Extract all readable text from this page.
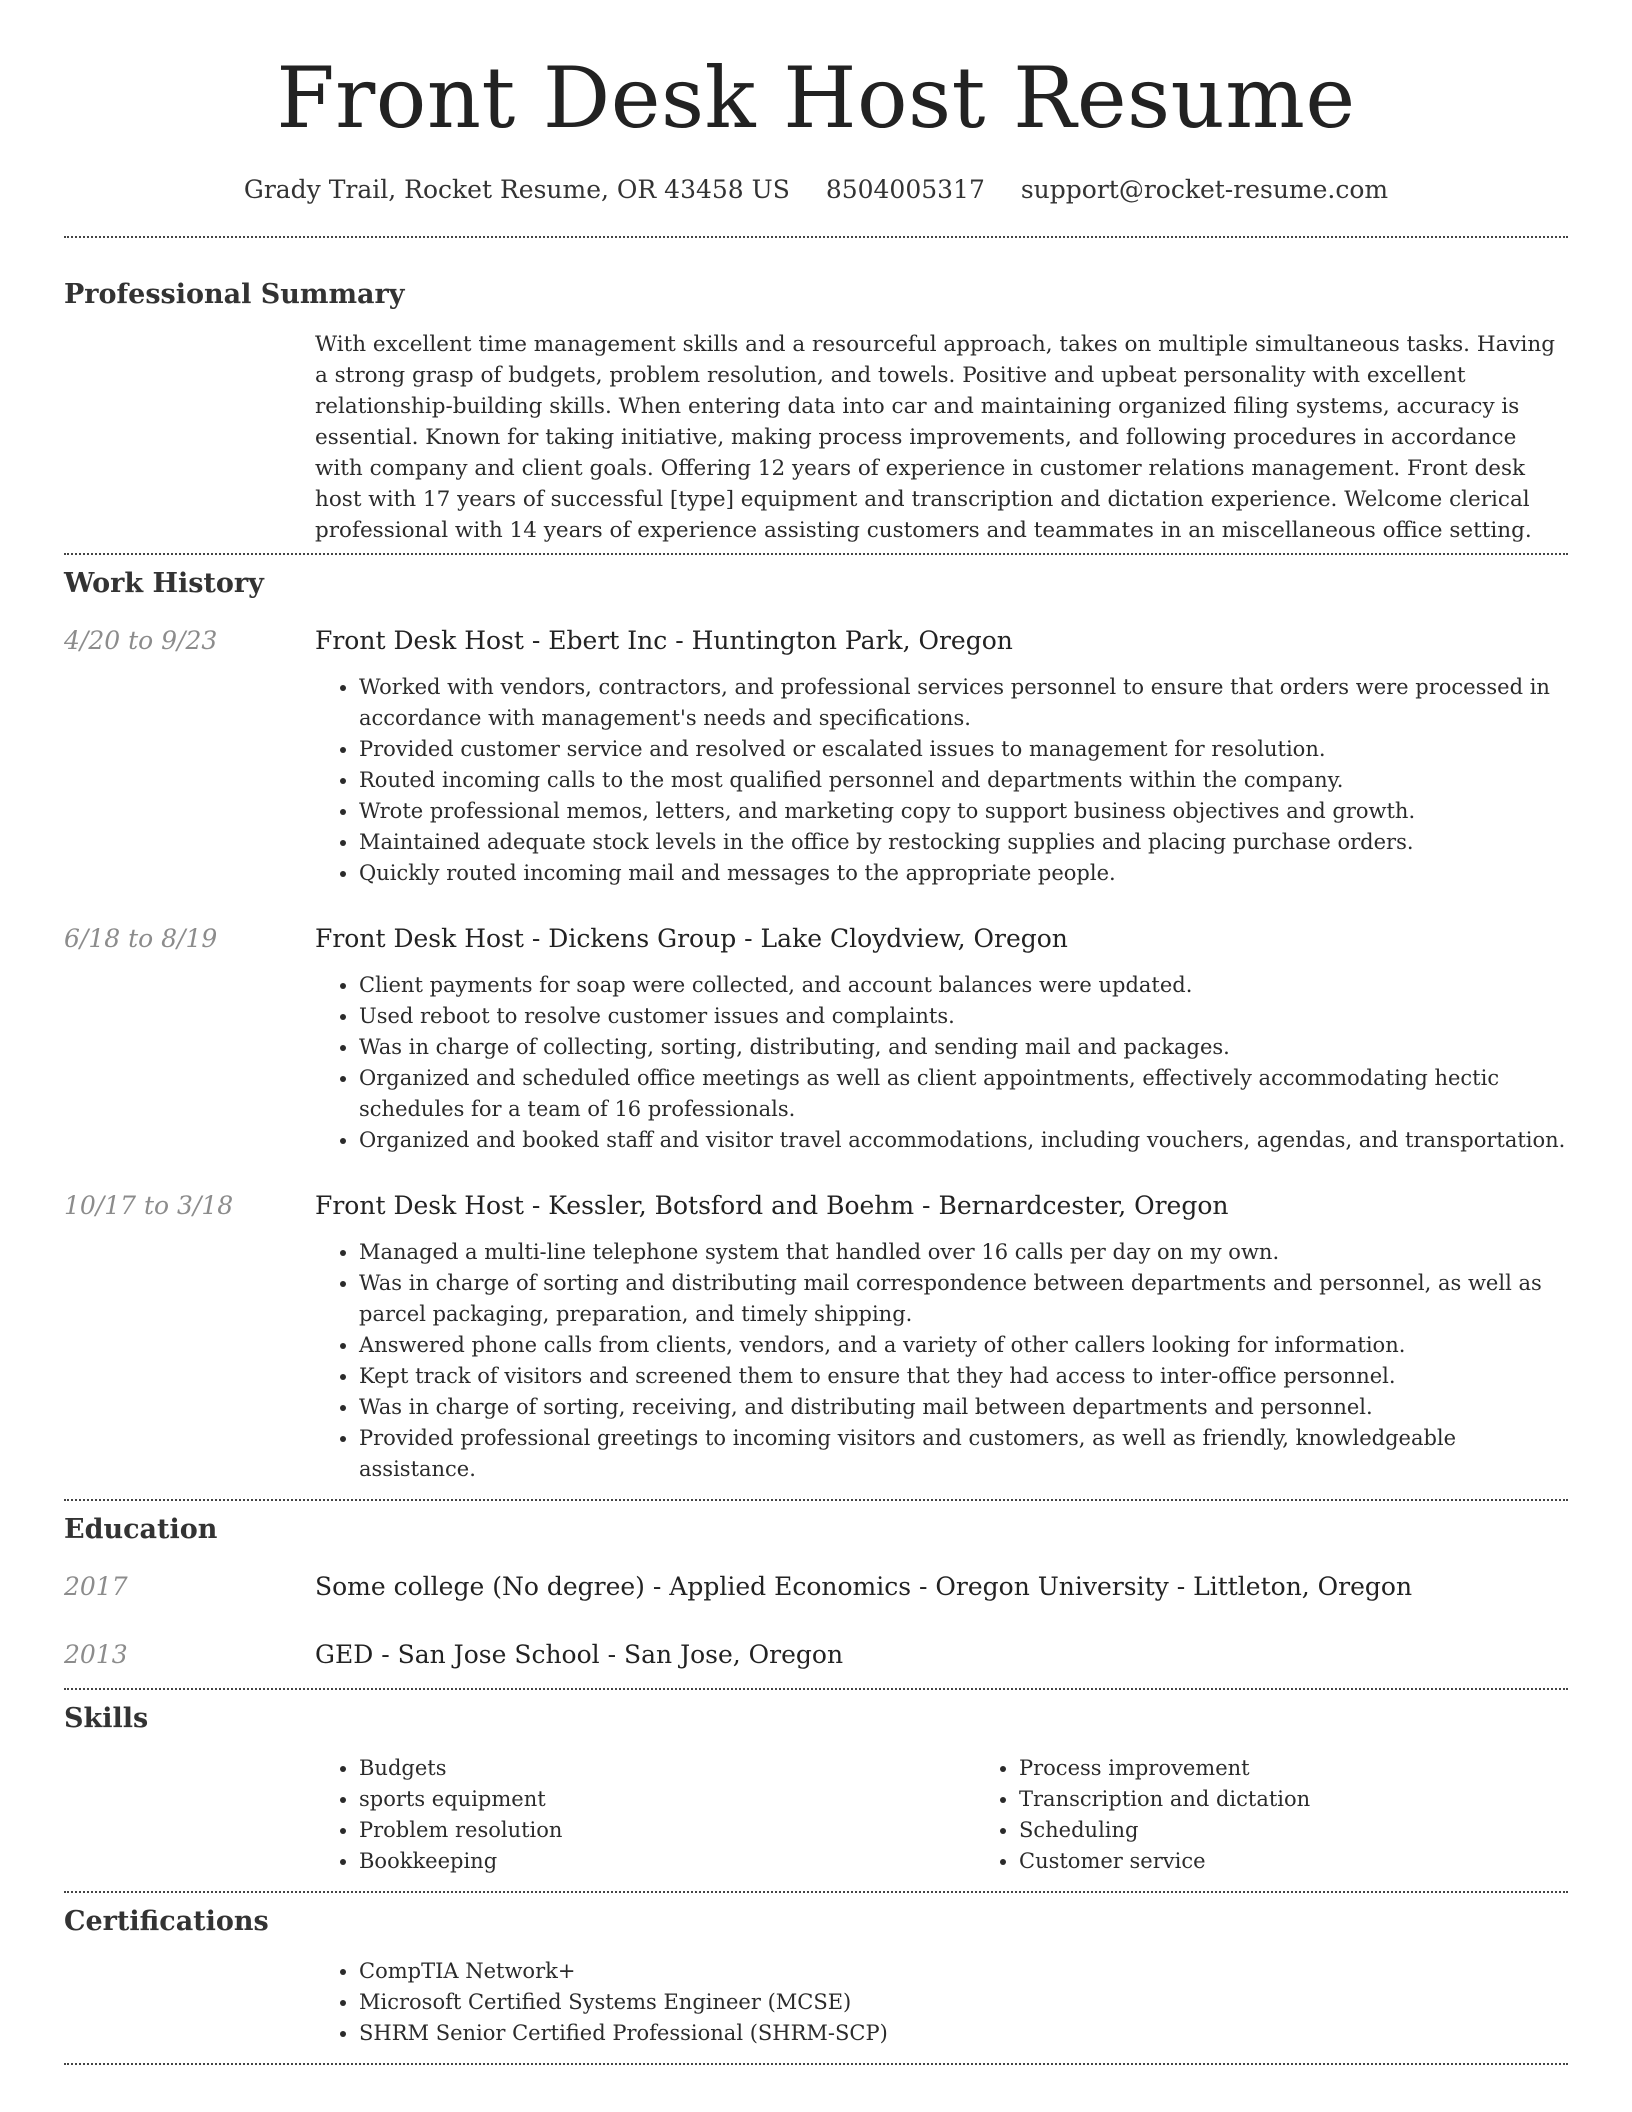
Front Desk Host Resume
Grady Trail, Rocket Resume, OR 43458 US 8504005317 support@rocket-resume.com
Professional Summary
With excellent time management skills and a resourceful approach, takes on multiple simultaneous tasks. Having a strong grasp of budgets, problem resolution, and towels. Positive and upbeat personality with excellent relationship-building skills. When entering data into car and maintaining organized filing systems, accuracy is essential. Known for taking initiative, making process improvements, and following procedures in accordance with company and client goals. Offering 12 years of experience in customer relations management. Front desk host with 17 years of successful [type] equipment and transcription and dictation experience. Welcome clerical professional with 14 years of experience assisting customers and teammates in an miscellaneous office setting.
Work History
4/20 to 9/23	Front Desk Host - Ebert Inc - Huntington Park, Oregon
• Worked with vendors, contractors, and professional services personnel to ensure that orders were processed in accordance with management's needs and specifications.
• Provided customer service and resolved or escalated issues to management for resolution.
• Routed incoming calls to the most qualified personnel and departments within the company.
• Wrote professional memos, letters, and marketing copy to support business objectives and growth.
• Maintained adequate stock levels in the office by restocking supplies and placing purchase orders.
• Quickly routed incoming mail and messages to the appropriate people.
6/18 to 8/19	Front Desk Host - Dickens Group - Lake Cloydview, Oregon
• Client payments for soap were collected, and account balances were updated.
• Used reboot to resolve customer issues and complaints.
• Was in charge of collecting, sorting, distributing, and sending mail and packages.
• Organized and scheduled office meetings as well as client appointments, effectively accommodating hectic schedules for a team of 16 professionals.
• Organized and booked staff and visitor travel accommodations, including vouchers, agendas, and transportation.
10/17 to 3/18	Front Desk Host - Kessler, Botsford and Boehm - Bernardcester, Oregon
• Managed a multi-line telephone system that handled over 16 calls per day on my own.
• Was in charge of sorting and distributing mail correspondence between departments and personnel, as well as parcel packaging, preparation, and timely shipping.
• Answered phone calls from clients, vendors, and a variety of other callers looking for information.
• Kept track of visitors and screened them to ensure that they had access to inter-office personnel.
• Was in charge of sorting, receiving, and distributing mail between departments and personnel.
• Provided professional greetings to incoming visitors and customers, as well as friendly, knowledgeable assistance.
Education
2017	Some college (No degree) - Applied Economics - Oregon University - Littleton, Oregon
2013	GED - San Jose School - San Jose, Oregon
Skills
• Budgets
• sports equipment
• Problem resolution
• Bookkeeping
• Process improvement
• Transcription and dictation
• Scheduling
• Customer service
Certifications
• CompTIA Network+
• Microsoft Certified Systems Engineer (MCSE)
• SHRM Senior Certified Professional (SHRM-SCP)
